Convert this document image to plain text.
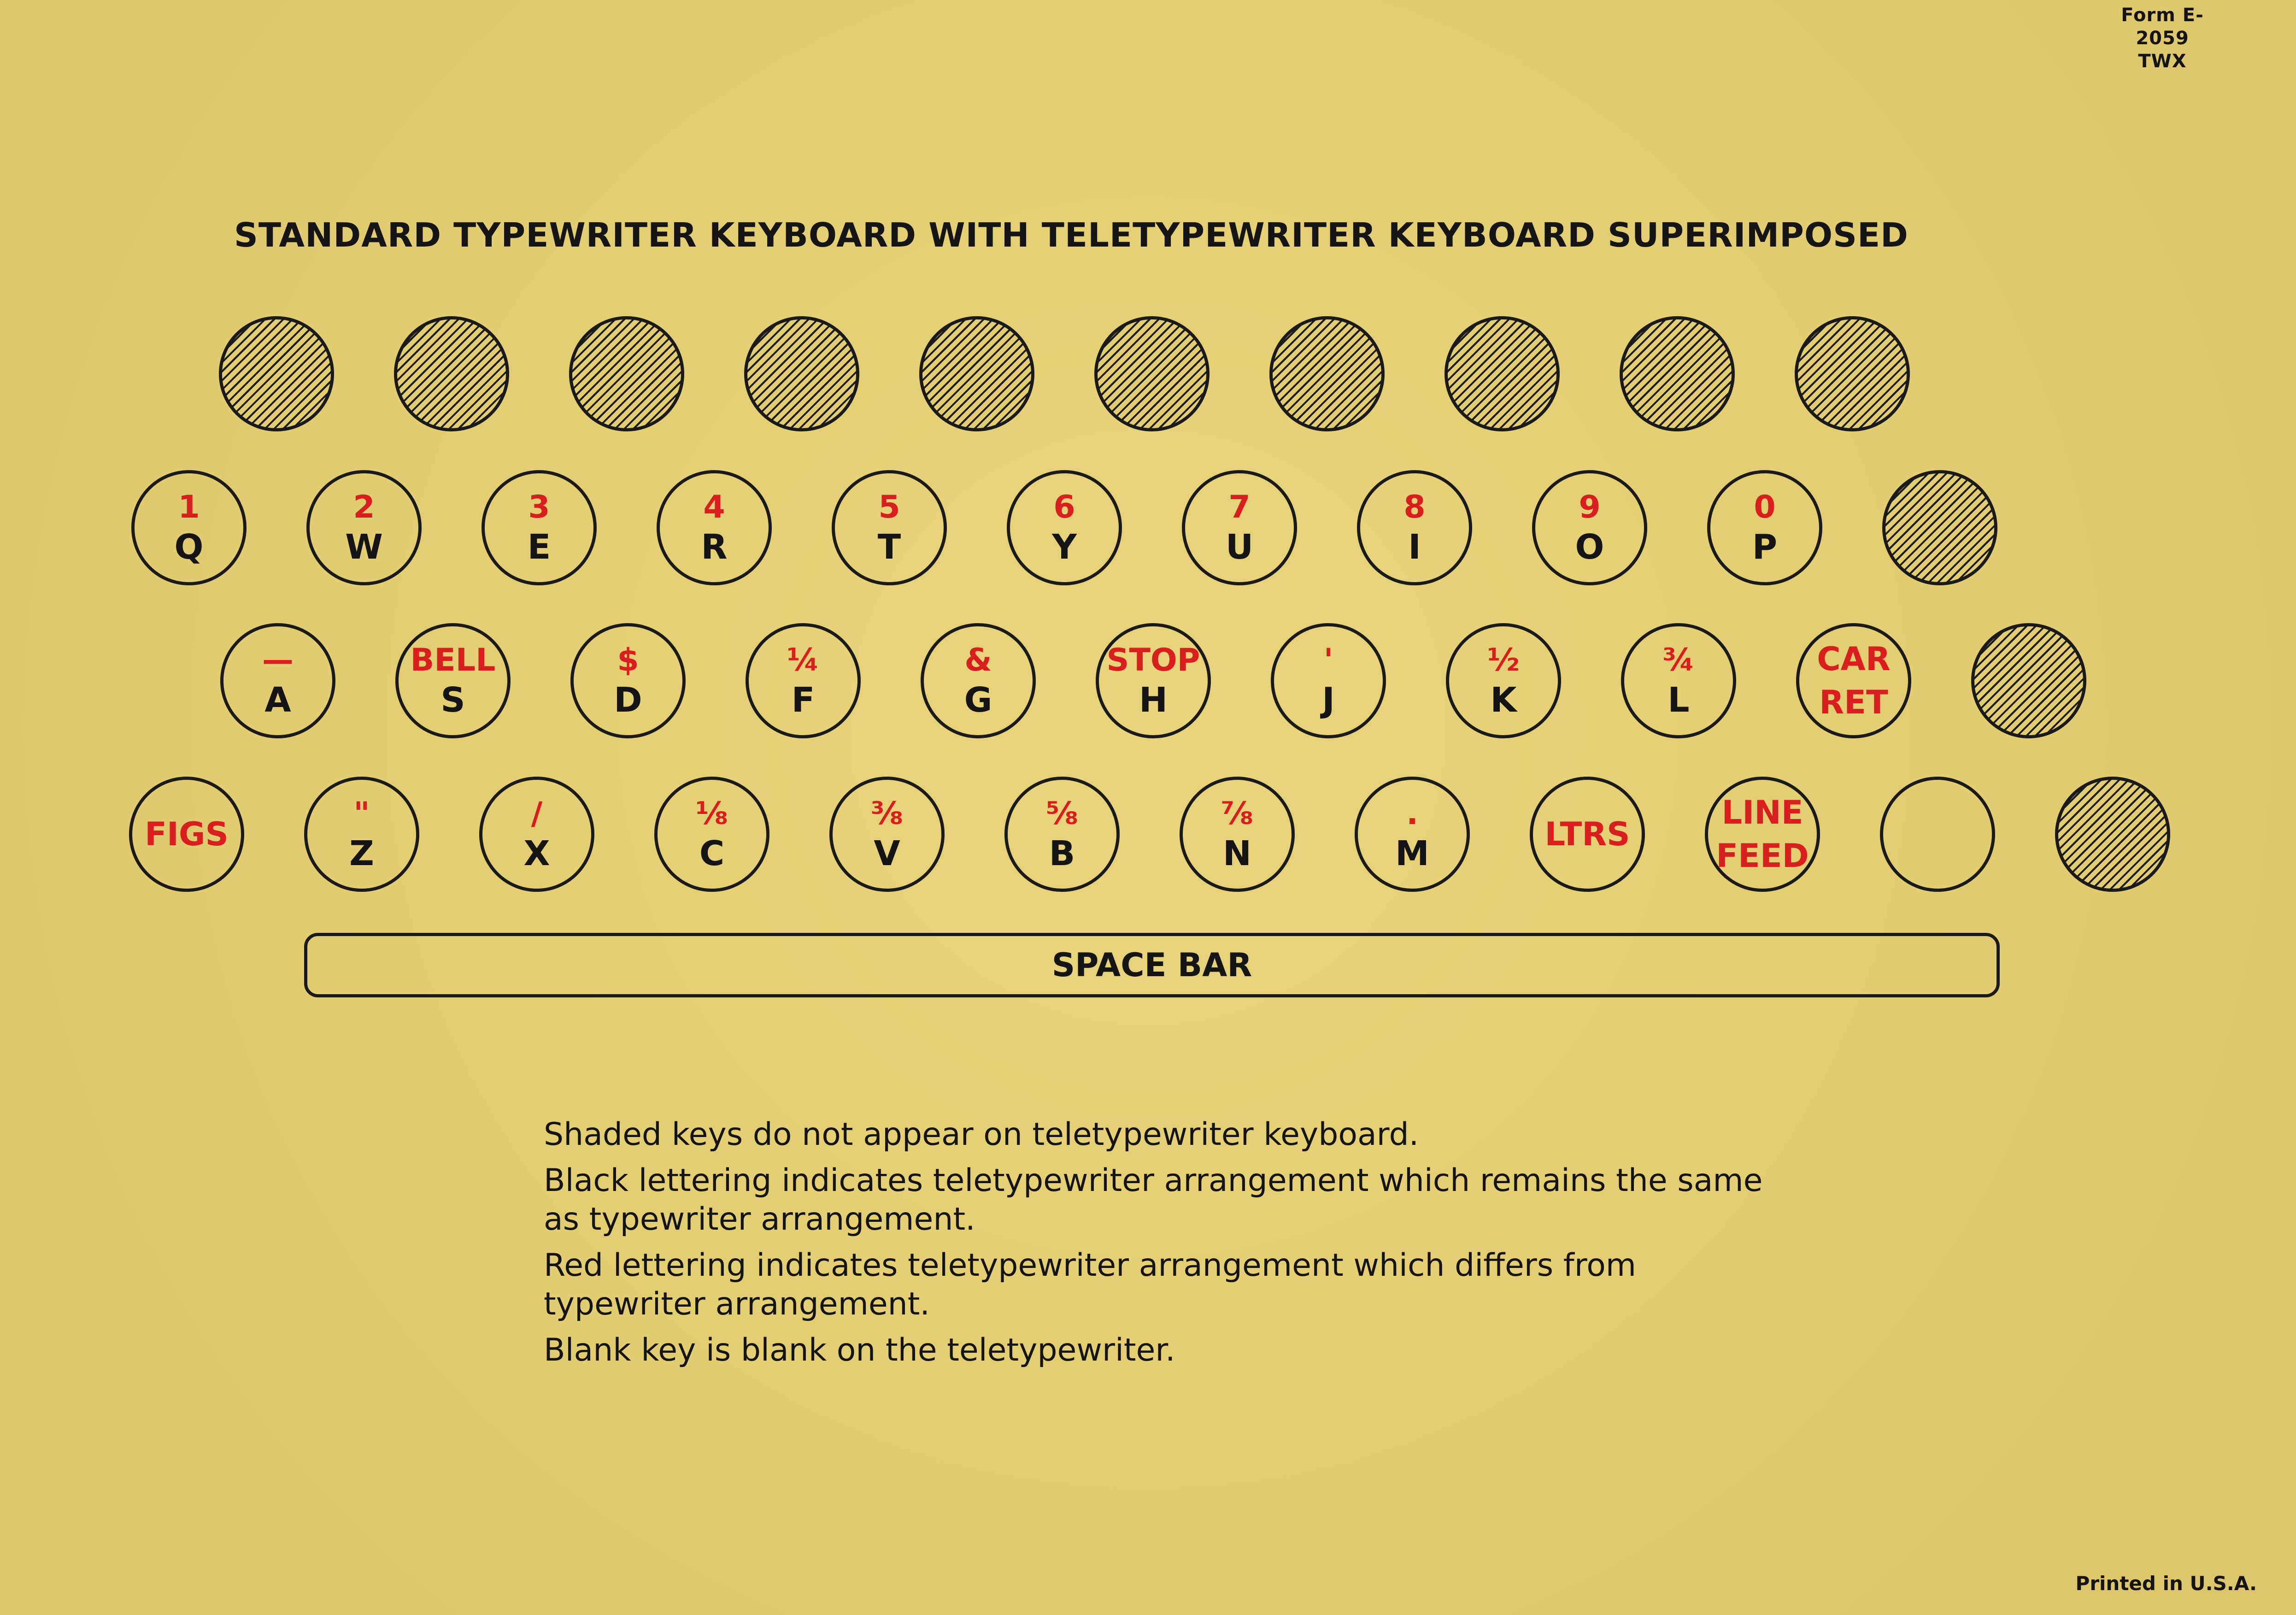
Form E-2059
TWX
STANDARD TYPEWRITER KEYBOARD WITH TELETYPEWRITER KEYBOARD SUPERIMPOSED
1
Q
2
W
3
E
4
R
5
T
6
Y
7
U
8
I
9
O
0
P
—
A
BELL
S
$
D
¼
F
&
G
STOP
H
'
J
½
K
¾
L
CAR
RET
FIGS
"
Z
/
X
⅛
C
⅜
V
⅝
B
⅞
N
.
M	LTRS
LINE
FEED
SPACE BAR

Shaded keys do not appear on teletypewriter keyboard.

Black lettering indicates teletypewriter arrangement which remains the same as typewriter arrangement.

Red lettering indicates teletypewriter arrangement which differs from typewriter arrangement.

Blank key is blank on the teletypewriter.

Printed in U.S.A.
